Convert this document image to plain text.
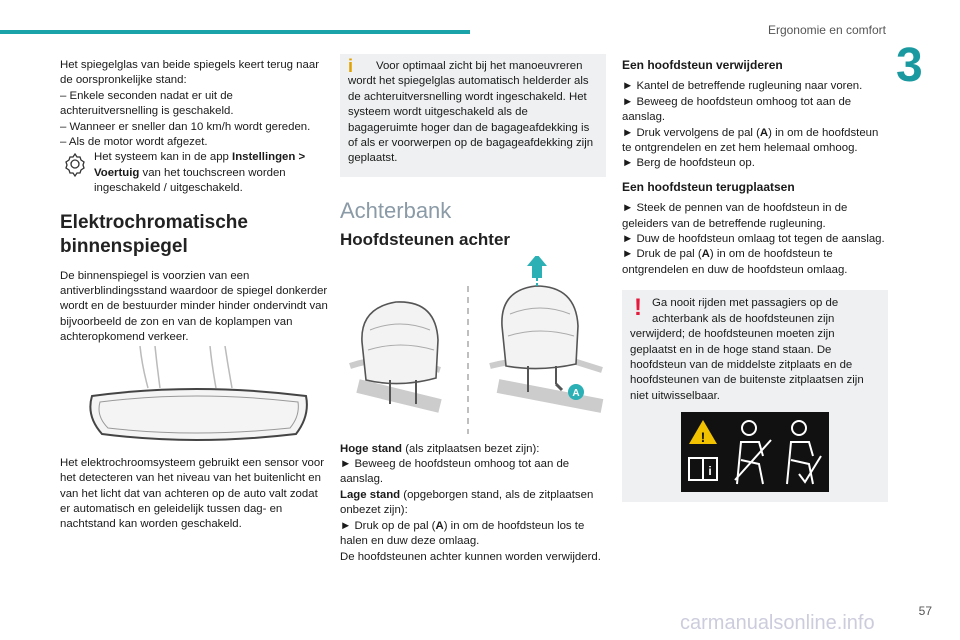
Ergonomie en comfort
3

Het spiegelglas van beide spiegels keert terug naar de oorspronkelijke stand:

– Enkele seconden nadat er uit de achteruitversnelling is geschakeld.

– Wanneer er sneller dan 10 km/h wordt gereden.

– Als de motor wordt afgezet.

Het systeem kan in de app Instellingen > Voertuig van het touchscreen worden ingeschakeld / uitgeschakeld.

Elektrochromatische binnenspiegel

De binnenspiegel is voorzien van een antiverblindingsstand waardoor de spiegel donkerder wordt en de bestuurder minder hinder ondervindt van bijvoorbeeld de zon en van de koplampen van achteropkomend verkeer.

Het elektrochroomsysteem gebruikt een sensor voor het detecteren van het niveau van het buitenlicht en van het licht dat van achteren op de auto valt zodat er automatisch en geleidelijk tussen dag- en nachtstand kan worden geschakeld.

i Voor optimaal zicht bij het manoeuvreren wordt het spiegelglas automatisch helderder als de achteruitversnelling wordt ingeschakeld. Het systeem wordt uitgeschakeld als de bagageruimte hoger dan de bagageafdekking is of als er voorwerpen op de bagageafdekking zijn geplaatst.
Achterbank
Hoofdsteunen achter
A

Hoge stand (als zitplaatsen bezet zijn):

► Beweeg de hoofdsteun omhoog tot aan de aanslag.

Lage stand (opgeborgen stand, als de zitplaatsen onbezet zijn):

► Druk op de pal (A) in om de hoofdsteun los te halen en duw deze omlaag.

De hoofdsteunen achter kunnen worden verwijderd.

Een hoofdsteun verwijderen

► Kantel de betreffende rugleuning naar voren.

► Beweeg de hoofdsteun omhoog tot aan de aanslag.

► Druk vervolgens de pal (A) in om de hoofdsteun te ontgrendelen en zet hem helemaal omhoog.

► Berg de hoofdsteun op.

Een hoofdsteun terugplaatsen

► Steek de pennen van de hoofdsteun in de geleiders van de betreffende rugleuning.

► Duw de hoofdsteun omlaag tot tegen de aanslag.

► Druk de pal (A) in om de hoofdsteun te ontgrendelen en duw de hoofdsteun omlaag.

! Ga nooit rijden met passagiers op de achterbank als de hoofdsteunen zijn verwijderd; de hoofdsteunen moeten zijn geplaatst en in de hoge stand staan. De hoofdsteun van de middelste zitplaats en de hoofdsteunen van de buitenste zitplaatsen zijn niet uitwisselbaar.
!
i
carmanualsonline.info
57
